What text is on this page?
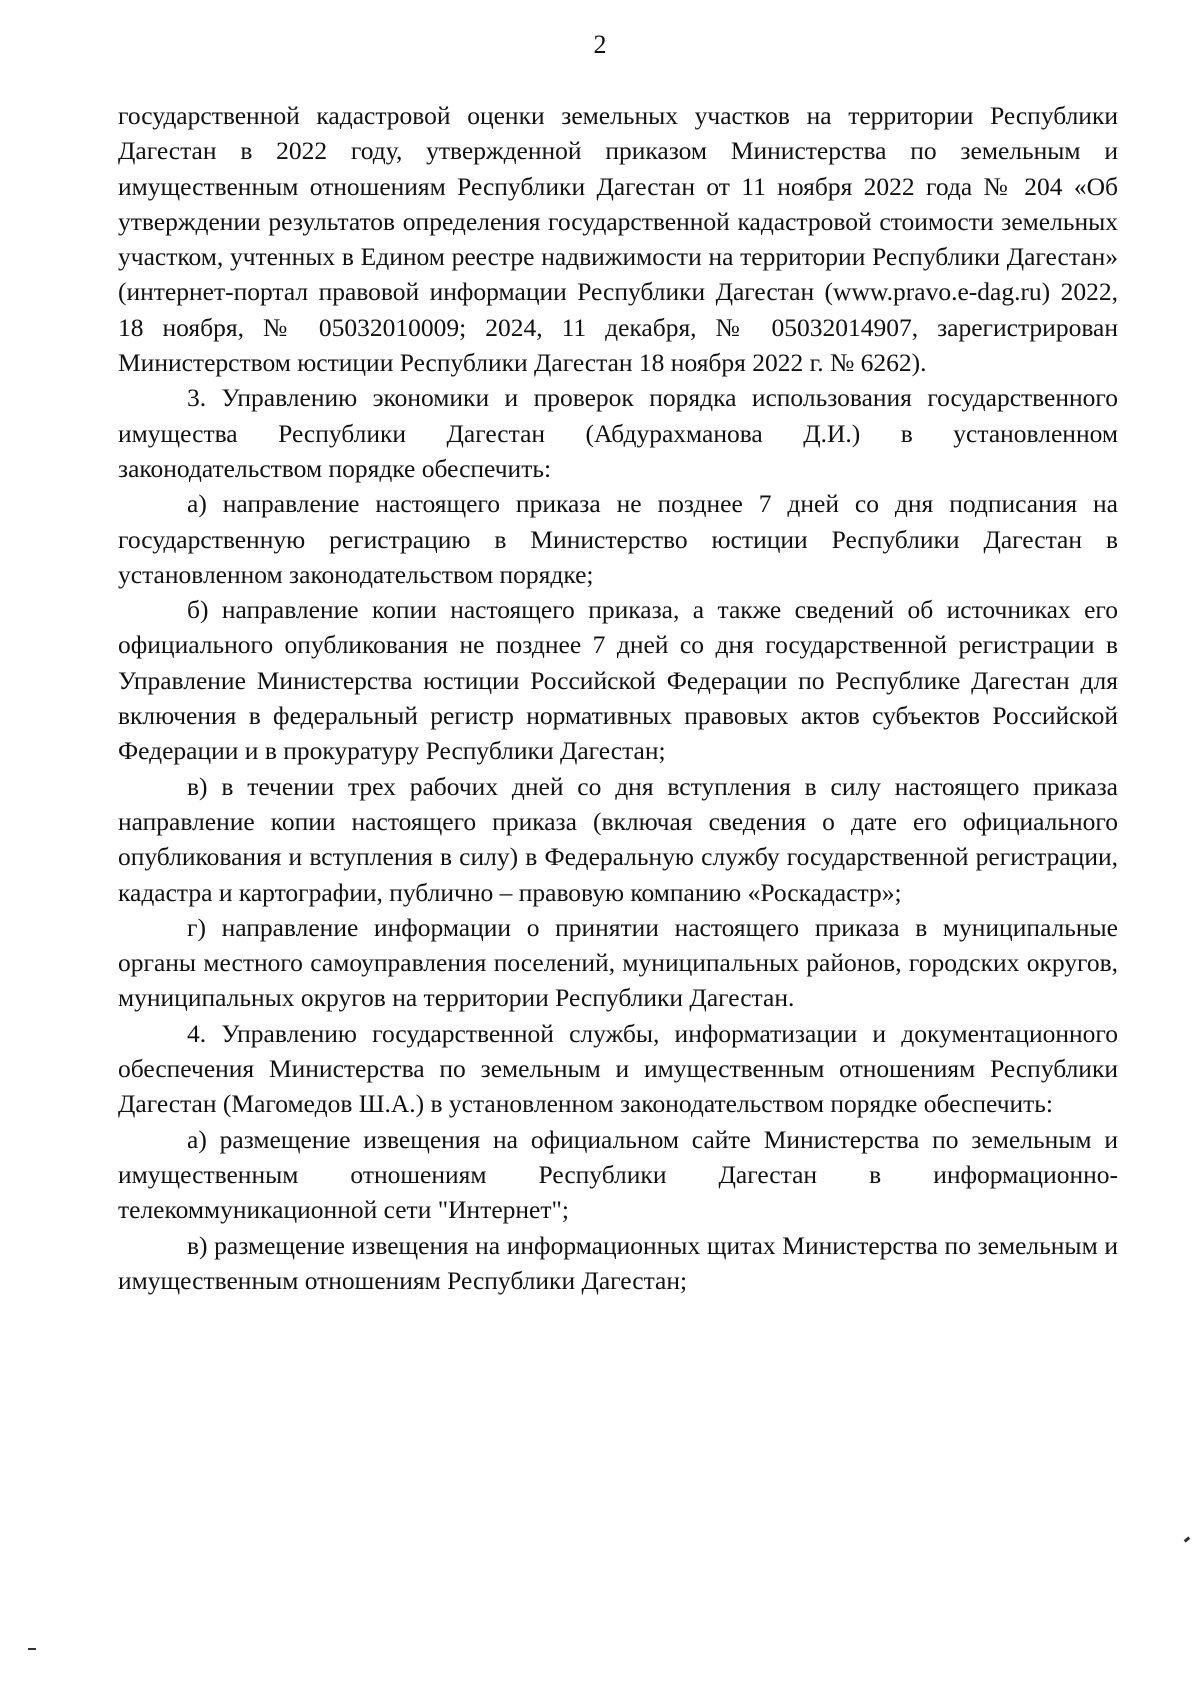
2

государственной кадастровой оценки земельных участков на территории Республики Дагестан в 2022 году, утвержденной приказом Министерства по земельным и имущественным отношениям Республики Дагестан от 11 ноября 2022 года № 204 «Об утверждении результатов определения государственной кадастровой стоимости земельных участком, учтенных в Едином реестре надвижимости на территории Республики Дагестан» (интернет-портал правовой информации Республики Дагестан (www.pravo.e-dag.ru) 2022, 18 ноября, № 05032010009; 2024, 11 декабря, № 05032014907, зарегистрирован Министерством юстиции Республики Дагестан 18 ноября 2022 г. № 6262).

3. Управлению экономики и проверок порядка использования государственного имущества Республики Дагестан (Абдурахманова Д.И.) в установленном законодательством порядке обеспечить:

а) направление настоящего приказа не позднее 7 дней со дня подписания на государственную регистрацию в Министерство юстиции Республики Дагестан в установленном законодательством порядке;

б) направление копии настоящего приказа, а также сведений об источниках его официального опубликования не позднее 7 дней со дня государственной регистрации в Управление Министерства юстиции Российской Федерации по Республике Дагестан для включения в федеральный регистр нормативных правовых актов субъектов Российской Федерации и в прокуратуру Республики Дагестан;

в) в течении трех рабочих дней со дня вступления в силу настоящего приказа направление копии настоящего приказа (включая сведения о дате его официального опубликования и вступления в силу) в Федеральную службу государственной регистрации, кадастра и картографии, публично – правовую компанию «Роскадастр»;

г) направление информации о принятии настоящего приказа в муниципальные органы местного самоуправления поселений, муниципальных районов, городских округов, муниципальных округов на территории Республики Дагестан.

4. Управлению государственной службы, информатизации и документационного обеспечения Министерства по земельным и имущественным отношениям Республики Дагестан (Магомедов Ш.А.) в установленном законодательством порядке обеспечить:

а) размещение извещения на официальном сайте Министерства по земельным и имущественным отношениям Республики Дагестан в информационно-телекоммуникационной сети "Интернет";

в) размещение извещения на информационных щитах Министерства по земельным и имущественным отношениям Республики Дагестан;
